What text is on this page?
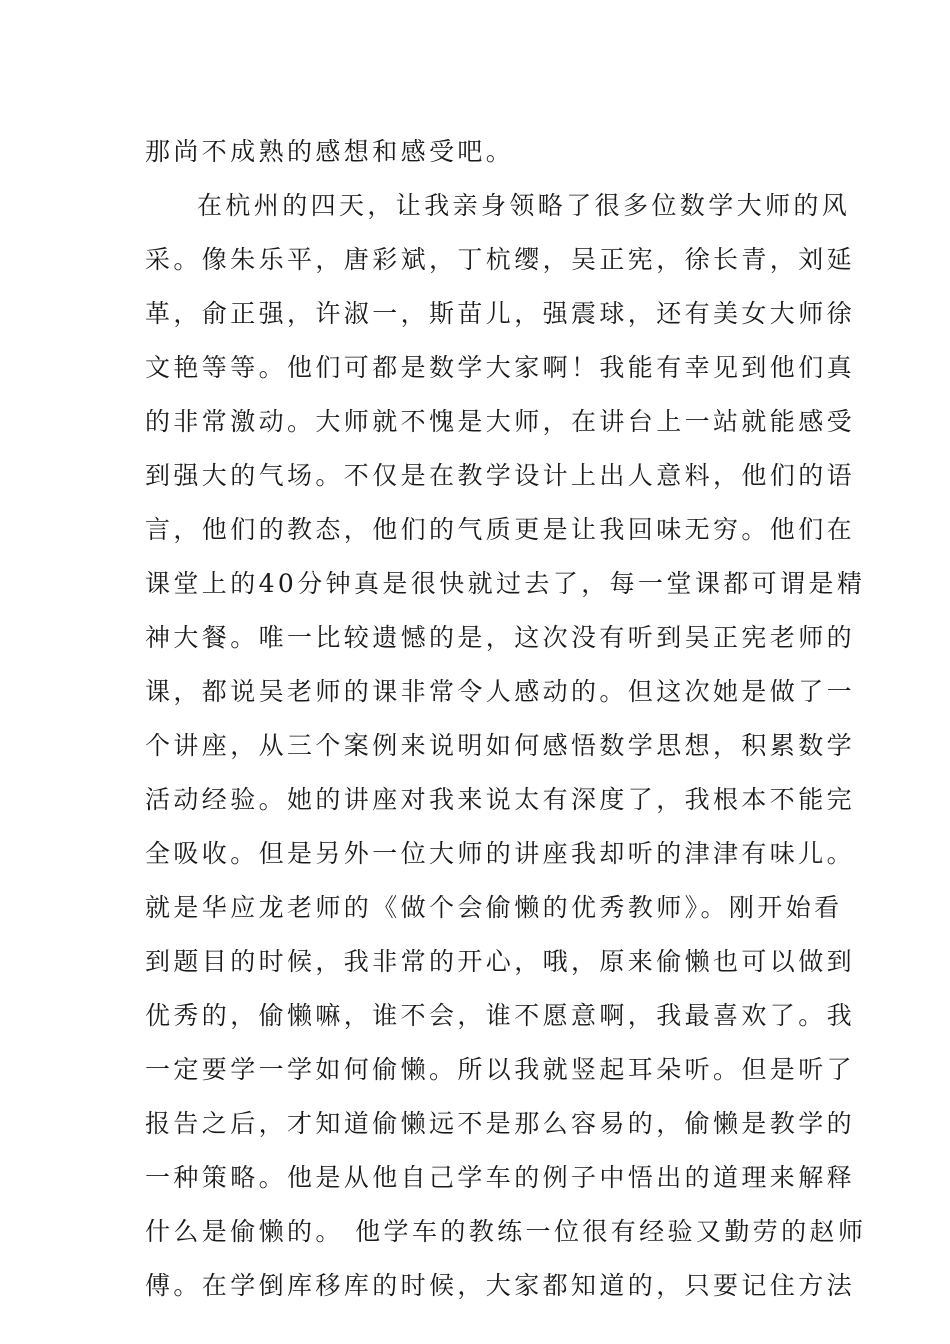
那尚不成熟的感想和感受吧。
在杭州的四天，让我亲身领略了很多位数学大师的风
采。像朱乐平，唐彩斌，丁杭缨，吴正宪，徐长青，刘延
革，俞正强，许淑一，斯苗儿，强震球，还有美女大师徐
文艳等等。他们可都是数学大家啊！我能有幸见到他们真
的非常激动。大师就不愧是大师，在讲台上一站就能感受
到强大的气场。不仅是在教学设计上出人意料，他们的语
言，他们的教态，他们的气质更是让我回味无穷。他们在
课堂上的40分钟真是很快就过去了，每一堂课都可谓是精
神大餐。唯一比较遗憾的是，这次没有听到吴正宪老师的
课，都说吴老师的课非常令人感动的。但这次她是做了一
个讲座，从三个案例来说明如何感悟数学思想，积累数学
活动经验。她的讲座对我来说太有深度了，我根本不能完
全吸收。但是另外一位大师的讲座我却听的津津有味儿。
就是华应龙老师的《做个会偷懒的优秀教师》。刚开始看
到题目的时候，我非常的开心，哦，原来偷懒也可以做到
优秀的，偷懒嘛，谁不会，谁不愿意啊，我最喜欢了。我
一定要学一学如何偷懒。所以我就竖起耳朵听。但是听了
报告之后，才知道偷懒远不是那么容易的，偷懒是教学的
一种策略。他是从他自己学车的例子中悟出的道理来解释
什么是偷懒的。 他学车的教练一位很有经验又勤劳的赵师
傅。在学倒库移库的时候，大家都知道的，只要记住方法
